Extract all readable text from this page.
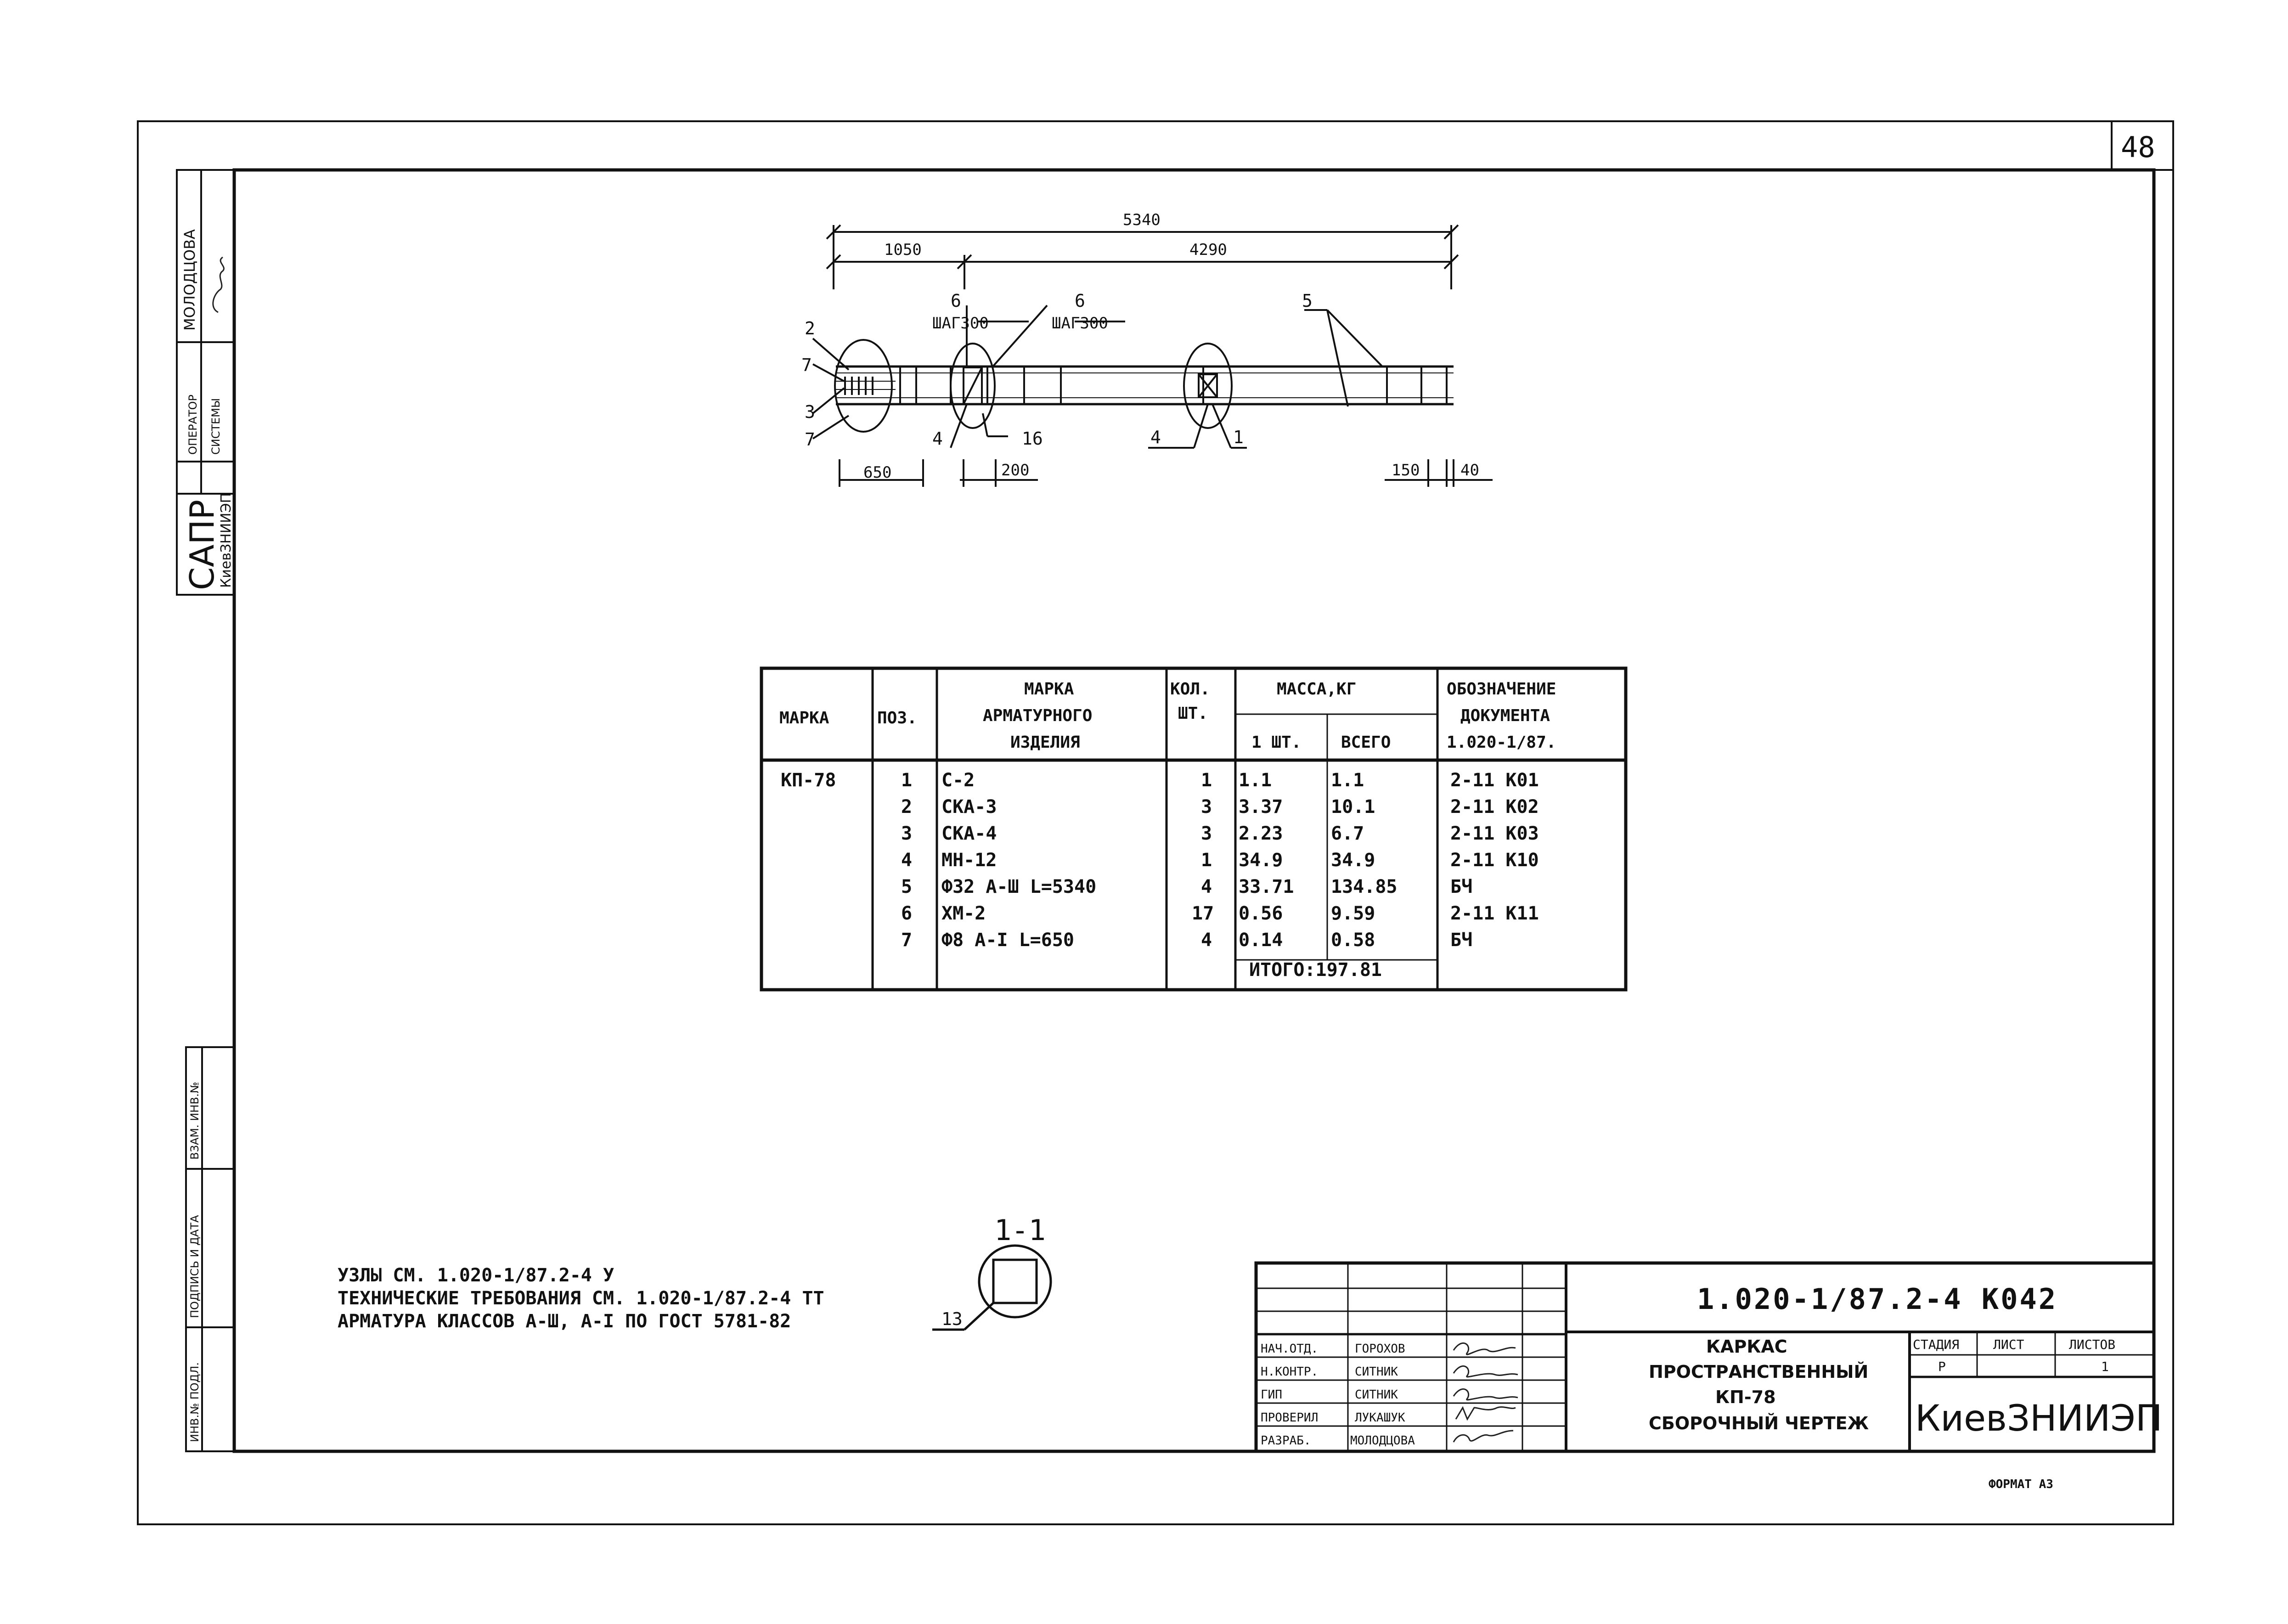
48
МОЛОДЦОВА
ОПЕРАТОР СИСТЕМЫ
САПР
КиевЗНИИЭП
ВЗАМ. ИНВ.№
ПОДПИСЬ И ДАТА
ИНВ.№ ПОДЛ.
5340
1050	4290
2
7
3
7
6
ШАГ300
6
ШАГ300
5
4	16	4	1
650	200	150	40
1-1
13
МАРКА	ПОЗ.
МАРКА
АРМАТУРНОГО
ИЗДЕЛИЯ
КОЛ.
ШТ.
МАССА,КГ
1 ШТ. ВСЕГО
ОБОЗНАЧЕНИЕ
ДОКУМЕНТА
1.020-1/87.
КП-78	1 С-2	1 1.1	1.1	2-11 К01
2 СКА-3	3 3.37	10.1	2-11 К02
3 СКА-4	3 2.23	6.7	2-11 К03
4 МН-12	1 34.9	34.9	2-11 К10
5 Ф32 А-Ш L=5340	4 33.71 134.85	БЧ
6 ХМ-2	17 0.56	9.59	2-11 К11
7 Ф8 А-I L=650	4 0.14	0.58	БЧ
ИТОГО:197.81
УЗЛЫ СМ. 1.020-1/87.2-4 У
ТЕХНИЧЕСКИЕ ТРЕБОВАНИЯ СМ. 1.020-1/87.2-4 ТТ
АРМАТУРА КЛАССОВ А-Ш, А-I ПО ГОСТ 5781-82
1.020-1/87.2-4 К042
КАРКАС
ПРОСТРАНСТВЕННЫЙ
КП-78
СБОРОЧНЫЙ ЧЕРТЕЖ
СТАДИЯ	ЛИСТ	ЛИСТОВ
Р	1
КиевЗНИИЭП
НАЧ.ОТД.	ГОРОХОВ
Н.КОНТР.	СИТНИК
ГИП	СИТНИК
ПРОВЕРИЛ	ЛУКАШУК
РАЗРАБ.	МОЛОДЦОВА
ФОРМАТ А3
